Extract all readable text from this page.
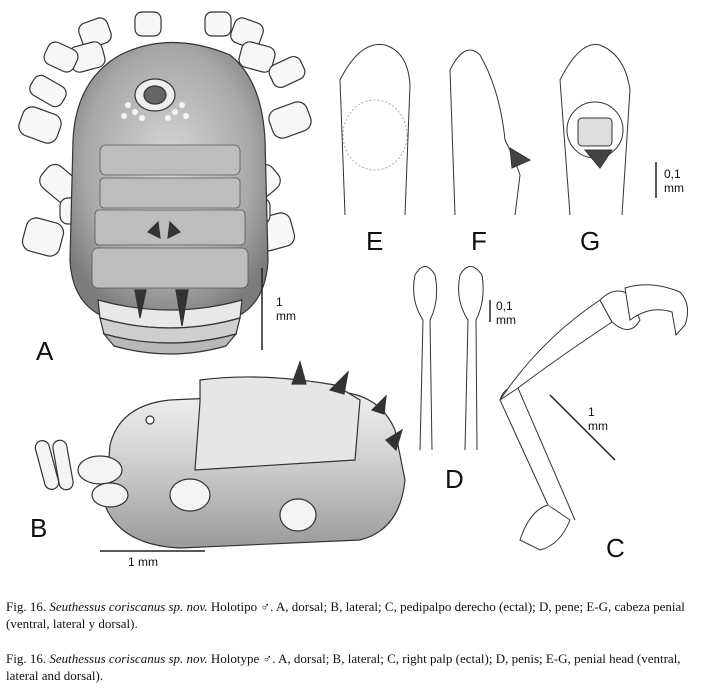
A
B
C
D
E	F	G
1
mm
1 mm
1
mm
0,1
mm
0,1
mm
Fig. 16. Seuthessus coriscanus sp. nov. Holotipo ♂. A, dorsal; B, lateral; C, pedipalpo derecho (ectal); D, pene; E-G, cabeza penial (ventral, lateral y dorsal).
Fig. 16. Seuthessus coriscanus sp. nov. Holotype ♂. A, dorsal; B, lateral; C, right palp (ectal); D, penis; E-G, penial head (ventral, lateral and dorsal).
